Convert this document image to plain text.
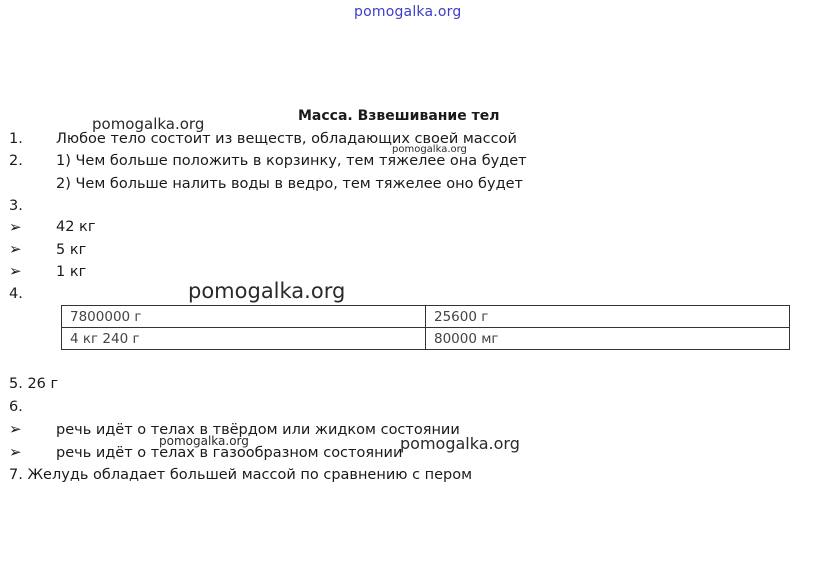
pomogalka.org
Масса. Взвешивание тел
1. Любое тело состоит из веществ, обладающих своей массой
2. 1) Чем больше положить в корзинку, тем тяжелее она будет
2) Чем больше налить воды в ведро, тем тяжелее оно будет
3.
➢ 42 кг
➢ 5 кг
➢ 1 кг
4.
7800000 г	25600 г
4 кг 240 г	80000 мг
5. 26 г
6.
➢ речь идёт о телах в твёрдом или жидком состоянии
➢ речь идёт о телах в газообразном состоянии
7. Желудь обладает большей массой по сравнению с пером
pomogalka.org
pomogalka.org
pomogalka.org
pomogalka.org	pomogalka.org
